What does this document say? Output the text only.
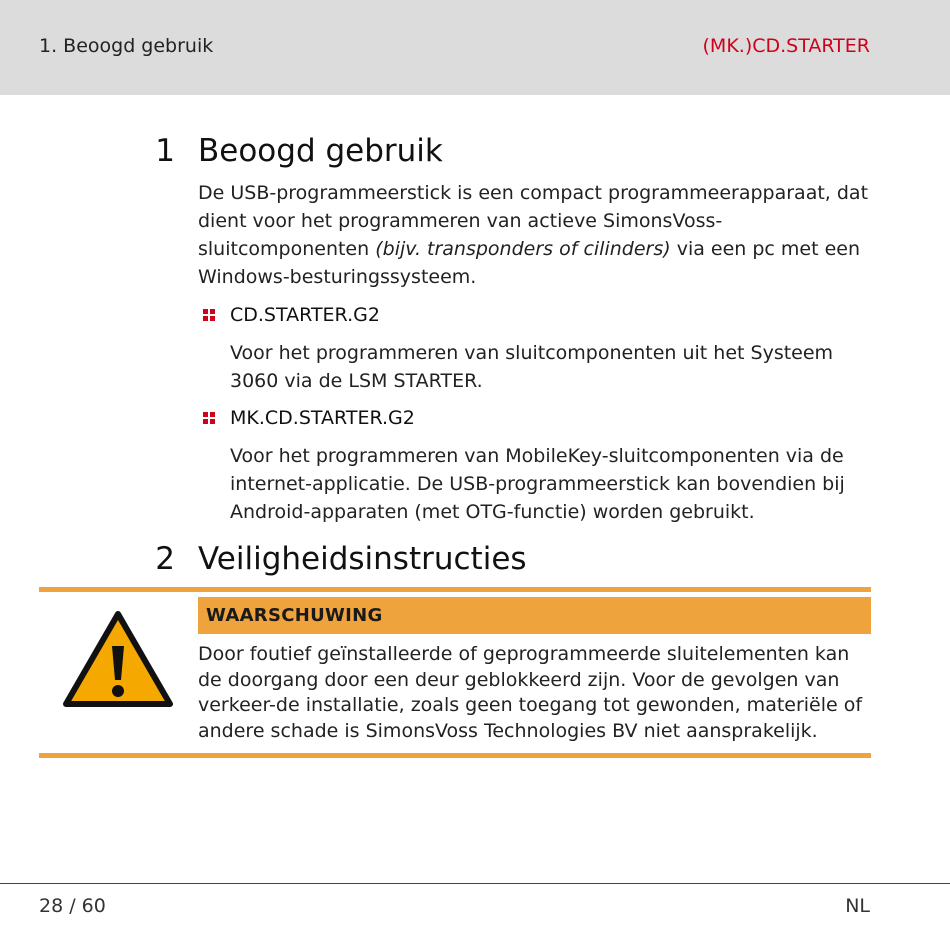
1. Beoogd gebruik	(MK.)CD.STARTER
1 Beoogd gebruik
De USB-programmeerstick is een compact programmeerapparaat, dat dient voor het programmeren van actieve SimonsVoss-sluitcomponenten (bijv. transponders of cilinders) via een pc met een Windows-besturingssysteem.
CD.STARTER.G2
Voor het programmeren van sluitcomponenten uit het Systeem 3060 via de LSM STARTER.
MK.CD.STARTER.G2
Voor het programmeren van MobileKey-sluitcomponenten via de internet-applicatie. De USB-programmeerstick kan bovendien bij Android-apparaten (met OTG-functie) worden gebruikt.
2 Veiligheidsinstructies
WAARSCHUWING
Door foutief geïnstalleerde of geprogrammeerde sluitelementen kan de doorgang door een deur geblokkeerd zijn. Voor de gevolgen van verkeer-de installatie, zoals geen toegang tot gewonden, materiële of andere schade is SimonsVoss Technologies BV niet aansprakelijk.
28 / 60	NL
